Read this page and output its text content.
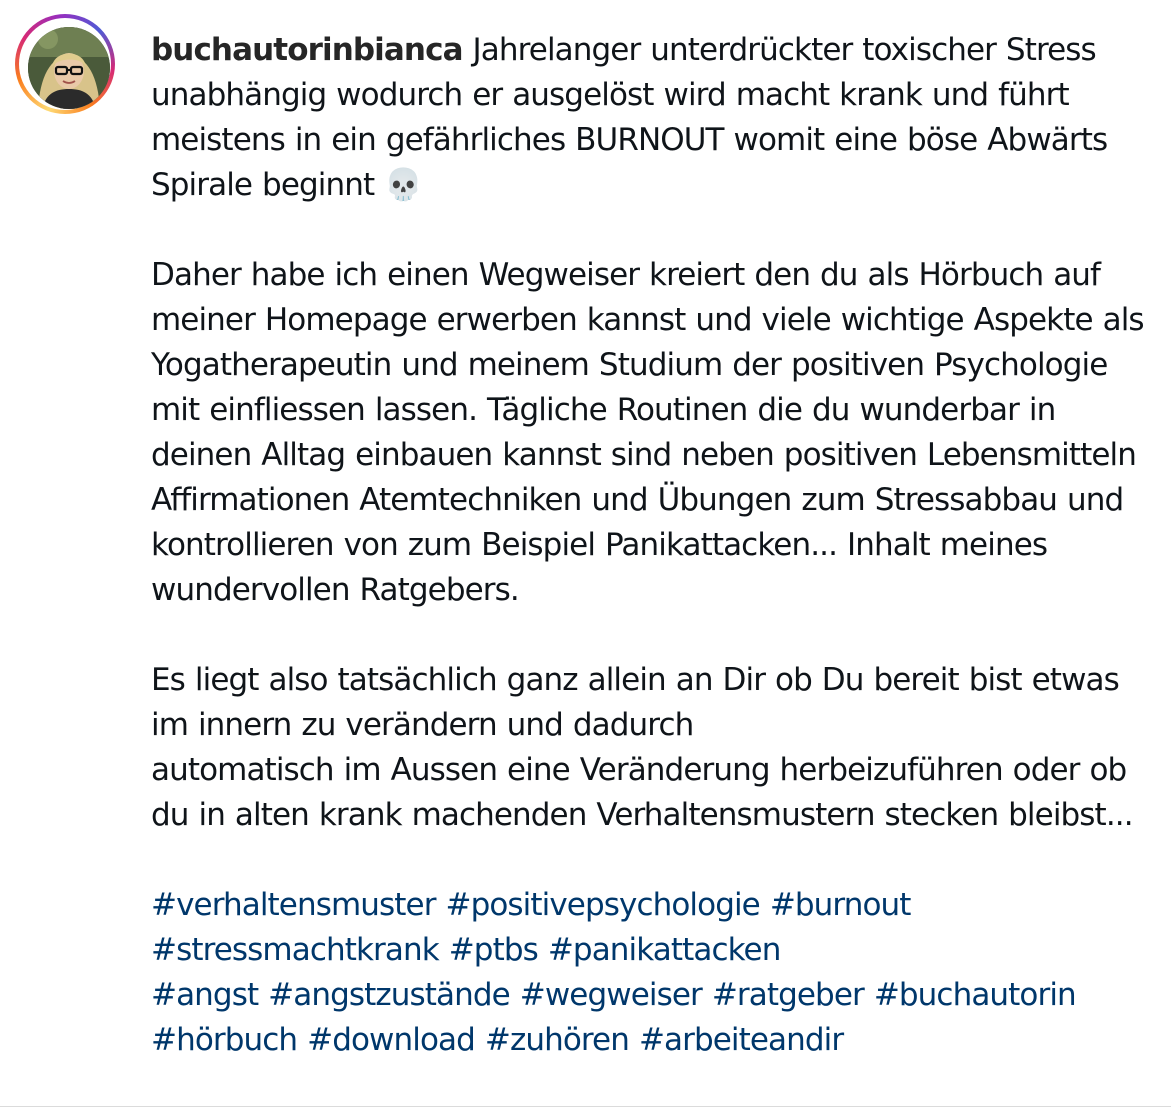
buchautorinbianca Jahrelanger unterdrückter toxischer Stress unabhängig wodurch er ausgelöst wird macht krank und führt meistens in ein gefährliches BURNOUT womit eine böse Abwärts Spirale beginnt 💀

Daher habe ich einen Wegweiser kreiert den du als Hörbuch auf meiner Homepage erwerben kannst und viele wichtige Aspekte als Yogatherapeutin und meinem Studium der positiven Psychologie mit einfliessen lassen. Tägliche Routinen die du wunderbar in deinen Alltag einbauen kannst sind neben positiven Lebensmitteln Affirmationen Atemtechniken und Übungen zum Stressabbau und kontrollieren von zum Beispiel Panikattacken... Inhalt meines wundervollen Ratgebers.

Es liegt also tatsächlich ganz allein an Dir ob Du bereit bist etwas im innern zu verändern und dadurch

automatisch im Aussen eine Veränderung herbeizuführen oder ob du in alten krank machenden Verhaltensmustern stecken bleibst...

#verhaltensmuster #positivepsychologie #burnout
#stressmachtkrank #ptbs #panikattacken
#angst #angstzustände #wegweiser #ratgeber #buchautorin
#hörbuch #download #zuhören #arbeiteandir
